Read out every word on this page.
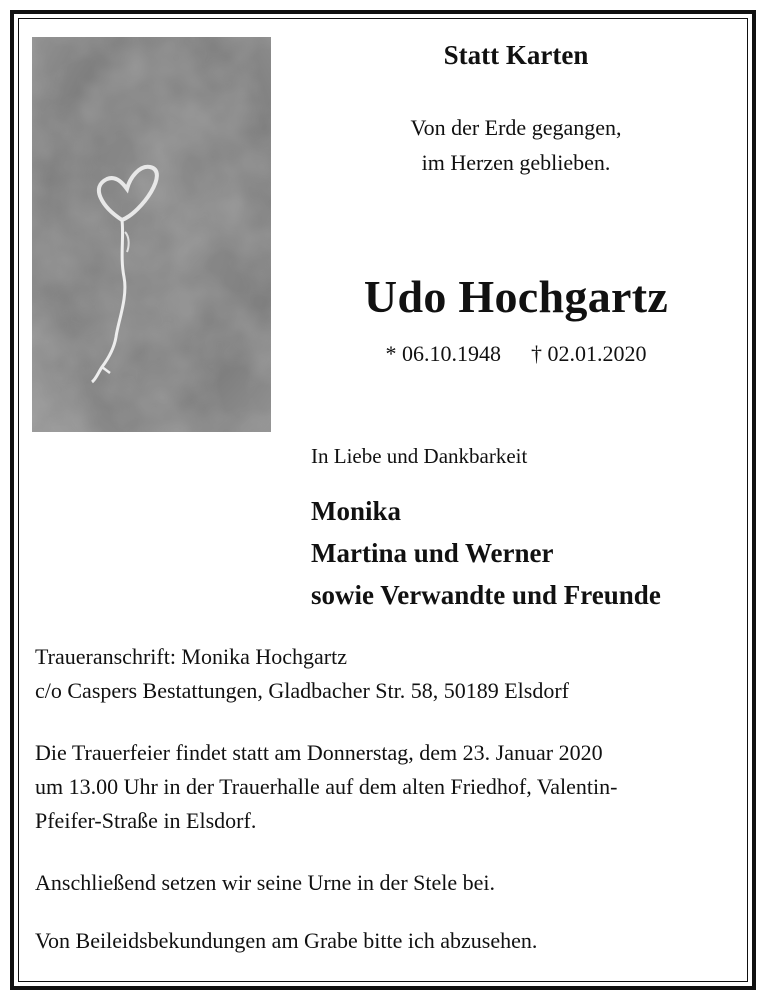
Statt Karten
Von der Erde gegangen,
im Herzen geblieben.
Udo Hochgartz
* 06.10.1948 † 02.01.2020
In Liebe und Dankbarkeit
Monika
Martina und Werner
sowie Verwandte und Freunde
Traueranschrift: Monika Hochgartz
c/o Caspers Bestattungen, Gladbacher Str. 58, 50189 Elsdorf
Die Trauerfeier findet statt am Donnerstag, dem 23. Januar 2020
um 13.00 Uhr in der Trauerhalle auf dem alten Friedhof, Valentin-
Pfeifer-Straße in Elsdorf.
Anschließend setzen wir seine Urne in der Stele bei.
Von Beileidsbekundungen am Grabe bitte ich abzusehen.
